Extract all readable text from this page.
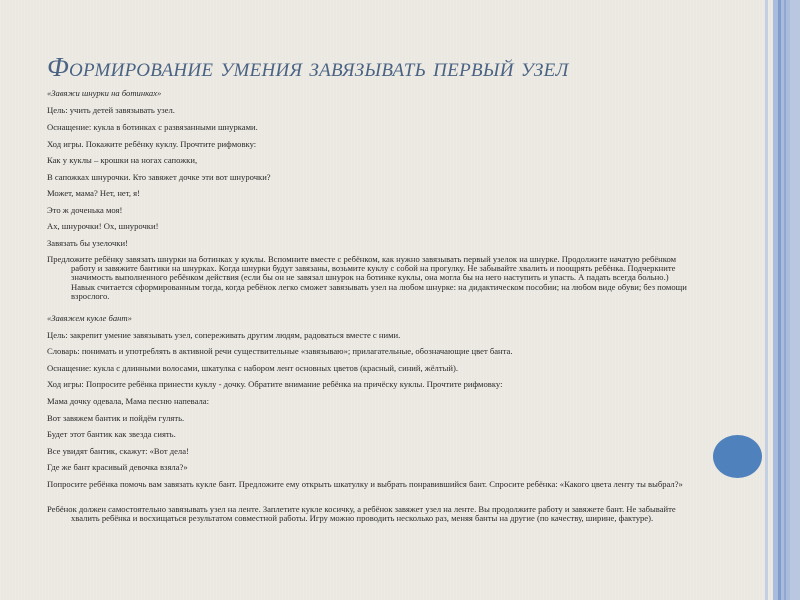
Формирование умения завязывать первый узел
«Завяжи шнурки на ботинках»
Цель: учить детей завязывать узел.
Оснащение: кукла в ботинках с развязанными шнурками.
Ход игры. Покажите ребёнку куклу. Прочтите рифмовку:
Как у куклы – крошки на ногах сапожки,
В сапожках шнурочки. Кто завяжет дочке эти вот шнурочки?
Может, мама? Нет, нет, я!
Это ж доченька моя!
Ах, шнурочки! Ох, шнурочки!
Завязать бы узелочки!
Предложите ребёнку завязать шнурки на ботинках у куклы. Вспомните вместе с ребёнком, как нужно завязывать первый узелок на шнурке. Продолжите начатую ребёнком работу и завяжите бантики на шнурках. Когда шнурки будут завязаны, возьмите куклу с собой на прогулку. Не забывайте хвалить и поощрять ребёнка. Подчеркните значимость выполненного ребёнком действия (если бы он не завязал шнурок на ботинке куклы, она могла бы на него наступить и упасть. А падать всегда больно.) Навык считается сформированным тогда, когда ребёнок легко сможет завязывать узел на любом шнурке: на дидактическом пособии; на любом виде обуви; без помощи взрослого.
«Завяжем кукле бант»
Цель: закрепит умение завязывать узел, сопереживать другим людям, радоваться вместе с ними.
Словарь: понимать и употреблять в активной речи существительные «завязываю»; прилагательные, обозначающие цвет банта.
Оснащение: кукла с длинными волосами, шкатулка с набором лент основных цветов (красный, синий, жёлтый).
Ход игры: Попросите ребёнка принести куклу - дочку. Обратите внимание ребёнка на причёску куклы. Прочтите рифмовку:
Мама дочку одевала, Мама песню напевала:
Вот завяжем бантик и пойдём гулять.
Будет этот бантик как звезда сиять.
Все увидят бантик, скажут: «Вот дела!
Где же бант красивый девочка взяла?»
Попросите ребёнка помочь вам завязать кукле бант. Предложите ему открыть шкатулку и выбрать понравившийся бант. Спросите ребёнка: «Какого цвета ленту ты выбрал?»
Ребёнок должен самостоятельно завязывать узел на ленте. Заплетите кукле косичку, а ребёнок завяжет узел на ленте. Вы продолжите работу и завяжете бант. Не забывайте хвалить ребёнка и восхищаться результатом совместной работы. Игру можно проводить несколько раз, меняя банты на другие (по качеству, ширине, фактуре).
